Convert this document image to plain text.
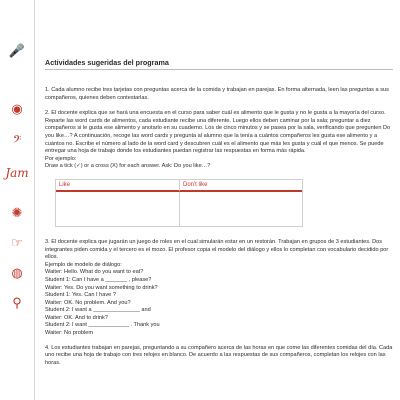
🎤
◉
𝄢
Jam
✺
☞
◍
⚲
Actividades sugeridas del programa

1. Cada alumno recibe tres tarjetas con preguntas acerca de la comida y trabajan en parejas. En forma alternada, leen las preguntas a sus compañeros, quienes deben contestarlas.

2. El docente explica que se hará una encuesta en el curso para saber cuál es alimento que le gusta y no le gusta a la mayoría del curso. Reparte las word cards de alimentos, cada estudiante recibe una diferente. Luego ellos deben caminar por la sala; preguntar a diez compañeros si le gusta ese alimento y anotarlo en su cuaderno. Los de cinco minutos y se pasea por la sala, verificando que pregunten Do you like…? A continuación, recoge las word cards y pregunta al alumno que la tenía a cuántos compañeros les gusta ese alimento y a cuántos no. Escribe el número al lado de la word card y descubren cuál es el alimento que más les gusta y cuál el que menos. Se puede entregar una hoja de trabajo donde los estudiantes puedan registrar las respuestas en forma más rápida.

Por ejemplo:

Draw a tick (✓) or a cross (X) for each answer. Ask: Do you like…?

Like	Don't like

3. El docente explica que jugarán un juego de roles en el cual simularán estar en un restorán. Trabajan en grupos de 3 estudiantes. Dos integrantes piden comida y el tercero es el mozo. El profesor copia el modelo del diálogo y ellos lo completan con vocabulario decidido por ellos.

Ejemplo de modelo de diálogo:

Waiter: Hello. What do you want to eat?
Student 1: Can I have a _______ , please?
Waiter: Yes. Do you want something to drink?
Student 1: Yes. Can I have ?
Waiter: OK. No problem. And you?
Student 2: I want a _______________ and
Waiter: OK. And to drink?
Student 2: I want _____________ . Thank you
Waiter: No problem

4. Los estudiantes trabajan en parejas, preguntando a su compañero acerca de las horas en que come las diferentes comidas del día. Cada uno recibe una hoja de trabajo con tres relojes en blanco. De acuerdo a las respuestas de sus compañeros, completan los relojes con las horas.
